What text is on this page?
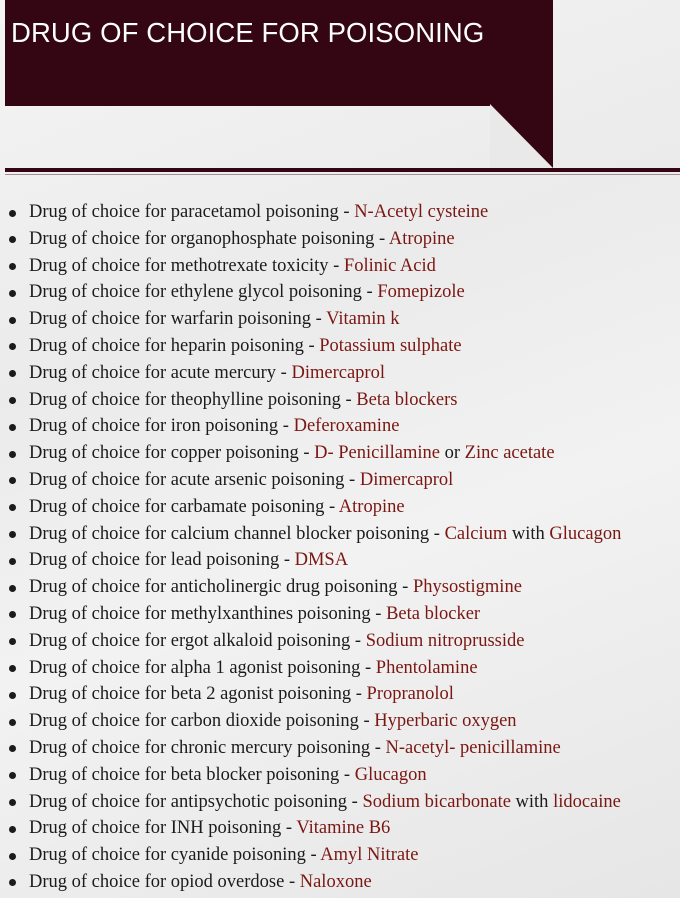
DRUG OF CHOICE FOR POISONING
Drug of choice for paracetamol poisoning - N-Acetyl cysteine
Drug of choice for organophosphate poisoning - Atropine
Drug of choice for methotrexate toxicity - Folinic Acid
Drug of choice for ethylene glycol poisoning - Fomepizole
Drug of choice for warfarin poisoning - Vitamin k
Drug of choice for heparin poisoning - Potassium sulphate
Drug of choice for acute mercury - Dimercaprol
Drug of choice for theophylline poisoning - Beta blockers
Drug of choice for iron poisoning - Deferoxamine
Drug of choice for copper poisoning - D- Penicillamine or Zinc acetate
Drug of choice for acute arsenic poisoning - Dimercaprol
Drug of choice for carbamate poisoning - Atropine
Drug of choice for calcium channel blocker poisoning - Calcium with Glucagon
Drug of choice for lead poisoning - DMSA
Drug of choice for anticholinergic drug poisoning - Physostigmine
Drug of choice for methylxanthines poisoning - Beta blocker
Drug of choice for ergot alkaloid poisoning - Sodium nitroprusside
Drug of choice for alpha 1 agonist poisoning - Phentolamine
Drug of choice for beta 2 agonist poisoning - Propranolol
Drug of choice for carbon dioxide poisoning - Hyperbaric oxygen
Drug of choice for chronic mercury poisoning - N-acetyl- penicillamine
Drug of choice for beta blocker poisoning - Glucagon
Drug of choice for antipsychotic poisoning - Sodium bicarbonate with lidocaine
Drug of choice for INH poisoning - Vitamine B6
Drug of choice for cyanide poisoning - Amyl Nitrate
Drug of choice for opiod overdose - Naloxone
